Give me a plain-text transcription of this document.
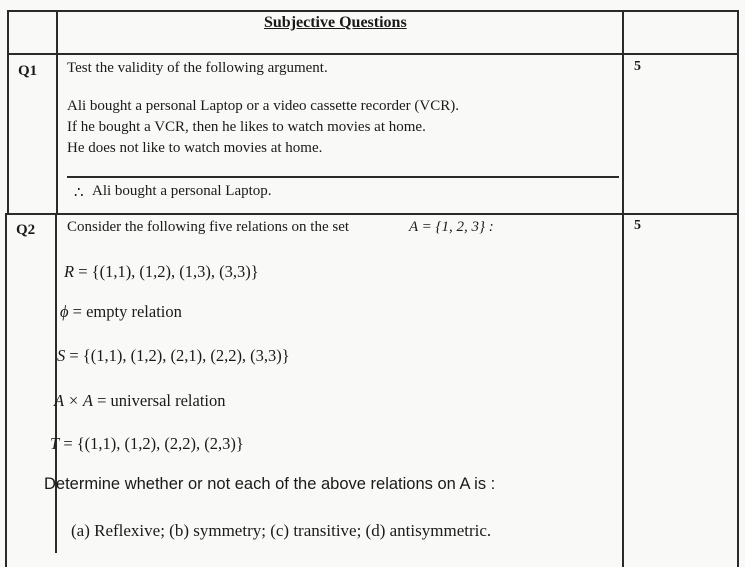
Subjective Questions
Q1	5
Test the validity of the following argument.
Ali bought a personal Laptop or a video cassette recorder (VCR).
If he bought a VCR, then he likes to watch movies at home.
He does not like to watch movies at home.
∴ Ali bought a personal Laptop.
Q2	5
Consider the following five relations on the set	A = {1, 2, 3} :
R = {(1,1), (1,2), (1,3), (3,3)}
ϕ = empty relation
S = {(1,1), (1,2), (2,1), (2,2), (3,3)}
A × A = universal relation
T = {(1,1), (1,2), (2,2), (2,3)}
Determine whether or not each of the above relations on A is :
(a) Reflexive; (b) symmetry; (c) transitive; (d) antisymmetric.
